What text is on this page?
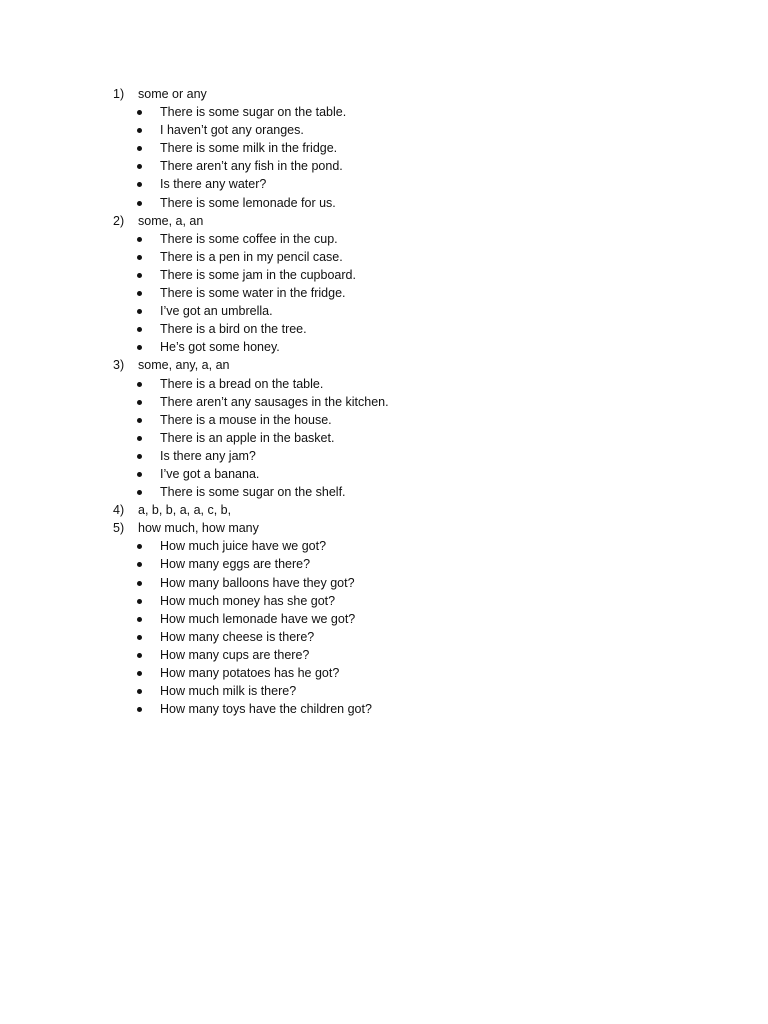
1)	some or any
There is some sugar on the table.
I haven’t got any oranges.
There is some milk in the fridge.
There aren’t any fish in the pond.
Is there any water?
There is some lemonade for us.
2)	some, a, an
There is some coffee in the cup.
There is a pen in my pencil case.
There is some jam in the cupboard.
There is some water in the fridge.
I’ve got an umbrella.
There is a bird on the tree.
He’s got some honey.
3)	some, any, a, an
There is a bread on the table.
There aren’t any sausages in the kitchen.
There is a mouse in the house.
There is an apple in the basket.
Is there any jam?
I’ve got a banana.
There is some sugar on the shelf.
4)	a, b, b, a, a, c, b,
5)	how much, how many
How much juice have we got?
How many eggs are there?
How many balloons have they got?
How much money has she got?
How much lemonade have we got?
How many cheese is there?
How many cups are there?
How many potatoes has he got?
How much milk is there?
How many toys have the children got?
